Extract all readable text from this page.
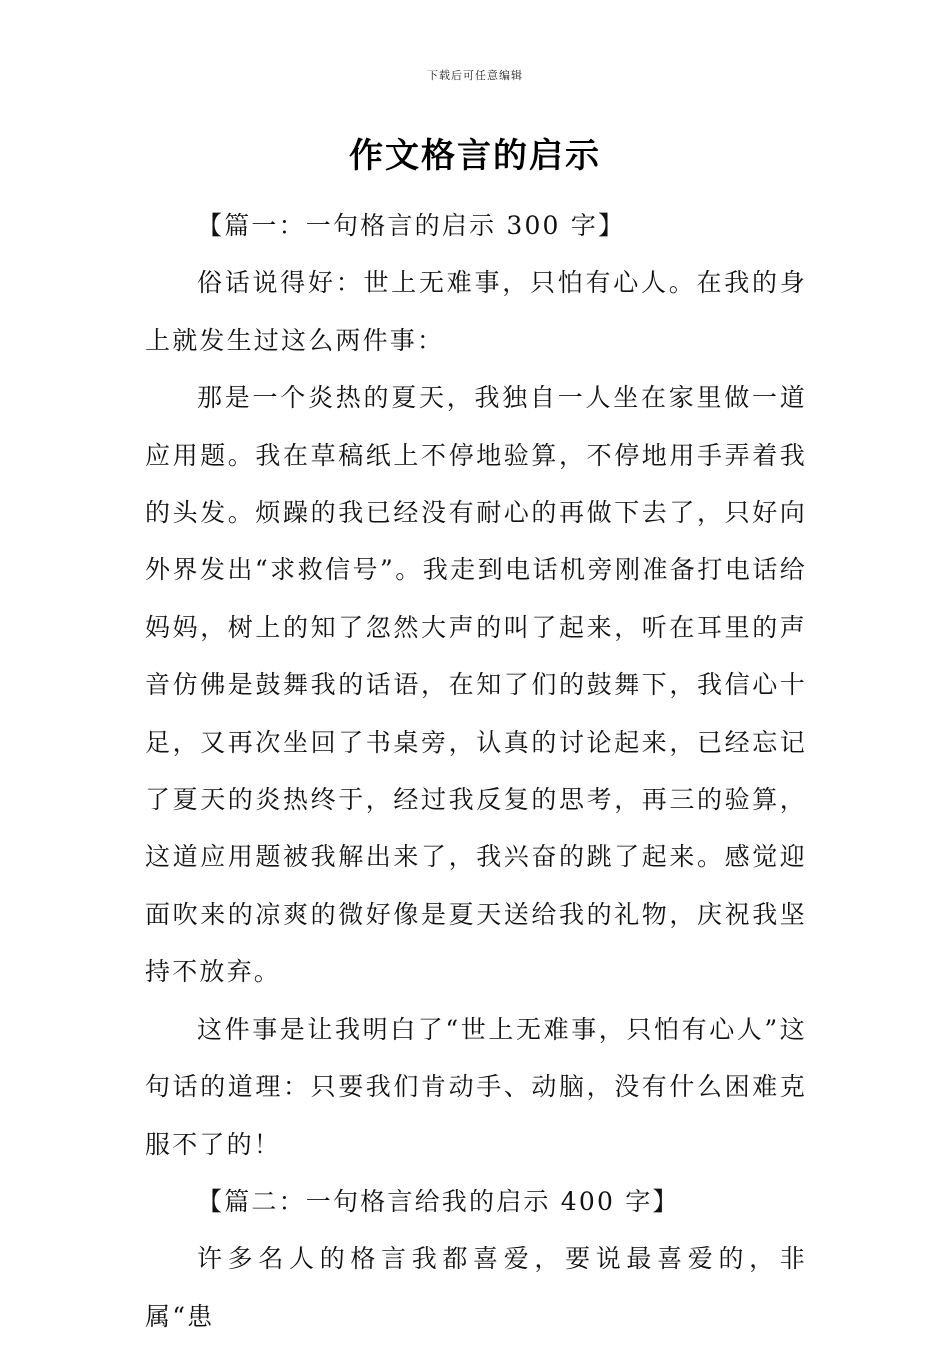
下载后可任意编辑
作文格言的启示

【篇一：一句格言的启示 300 字】

俗话说得好：世上无难事，只怕有心人。在我的身上就发生过这么两件事：

那是一个炎热的夏天，我独自一人坐在家里做一道应用题。我在草稿纸上不停地验算，不停地用手弄着我的头发。烦躁的我已经没有耐心的再做下去了，只好向外界发出“求救信号”。我走到电话机旁刚准备打电话给妈妈，树上的知了忽然大声的叫了起来，听在耳里的声音仿佛是鼓舞我的话语，在知了们的鼓舞下，我信心十足，又再次坐回了书桌旁，认真的讨论起来，已经忘记了夏天的炎热终于，经过我反复的思考，再三的验算，这道应用题被我解出来了，我兴奋的跳了起来。感觉迎面吹来的凉爽的微好像是夏天送给我的礼物，庆祝我坚持不放弃。

这件事是让我明白了“世上无难事，只怕有心人”这句话的道理：只要我们肯动手、动脑，没有什么困难克服不了的！

【篇二：一句格言给我的启示 400 字】

许多名人的格言我都喜爱，要说最喜爱的，非属“患
